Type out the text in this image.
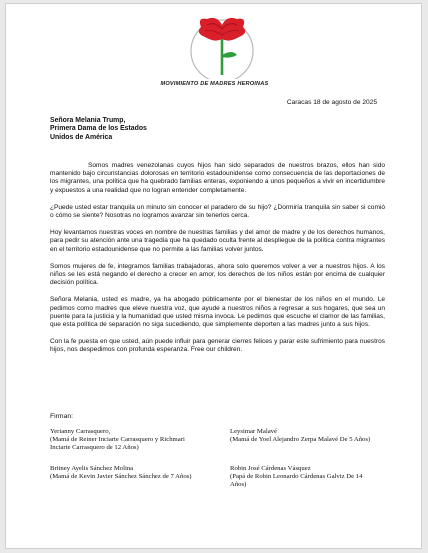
MOVIMIENTO DE MADRES HEROINAS
Caracas 18 de agosto de 2025
Señora Melania Trump,
Primera Dama de los Estados
Unidos de América

Somos madres venezolanas cuyos hijos han sido separados de nuestros brazos, ellos han sido mantenido bajo circunstancias dolorosas en territorio estadounidense como consecuencia de las deportaciones de los migrantes, una política que ha quebrado familias enteras, exponiendo a unos pequeños a vivir en incertidumbre y expuestos a una realidad que no logran entender completamente.

¿Puede usted estar tranquila un minuto sin conocer el paradero de su hijo? ¿Dormiría tranquila sin saber si comió o cómo se siente? Nosotras no logramos avanzar sin tenerlos cerca.

Hoy levantamos nuestras voces en nombre de nuestras familias y del amor de madre y de los derechos humanos, para pedir su atención ante una tragedia que ha quedado oculta frente al despliegue de la política contra migrantes en el territorio estadounidense que no permite a las familias volver juntos.

Somos mujeres de fe, integramos familias trabajadoras, ahora solo queremos volver a ver a nuestros hijos. A los niños se les está negando el derecho a crecer en amor, los derechos de los niños están por encima de cualquier decisión política.

Señora Melania, usted es madre, ya ha abogado públicamente por el bienestar de los niños en el mundo. Le pedimos como madres que eleve nuestra voz, que ayude a nuestros niños a regresar a sus hogares, que sea un puente para la justicia y la humanidad que usted misma invoca. Le pedimos que escuche el clamor de las familias, que esta política de separación no siga sucediendo, que simplemente deporten a las madres junto a sus hijos.

Con la fe puesta en que usted, aún puede influir para generar cierres felices y parar este sufrimiento para nuestros hijos, nos despedimos con profunda esperanza. Free our children.

Firman:
Yerianny Carrasquero,
(Mamá de Reiner Inciarte Carrasquero y Richmari Inciarte Carrasquero de 12 Años)
Leysimar Malavé
(Mamá de Yoel Alejandro Zerpa Malavé De 5 Años)
Britney Ayelis Sánchez Molina
(Mamá de Kevin Javier Sánchez Sánchez de 7 Años)
Robin José Cárdenas Vásquez
(Papá de Robin Leonardo Cárdenas Galviz De 14 Años)
